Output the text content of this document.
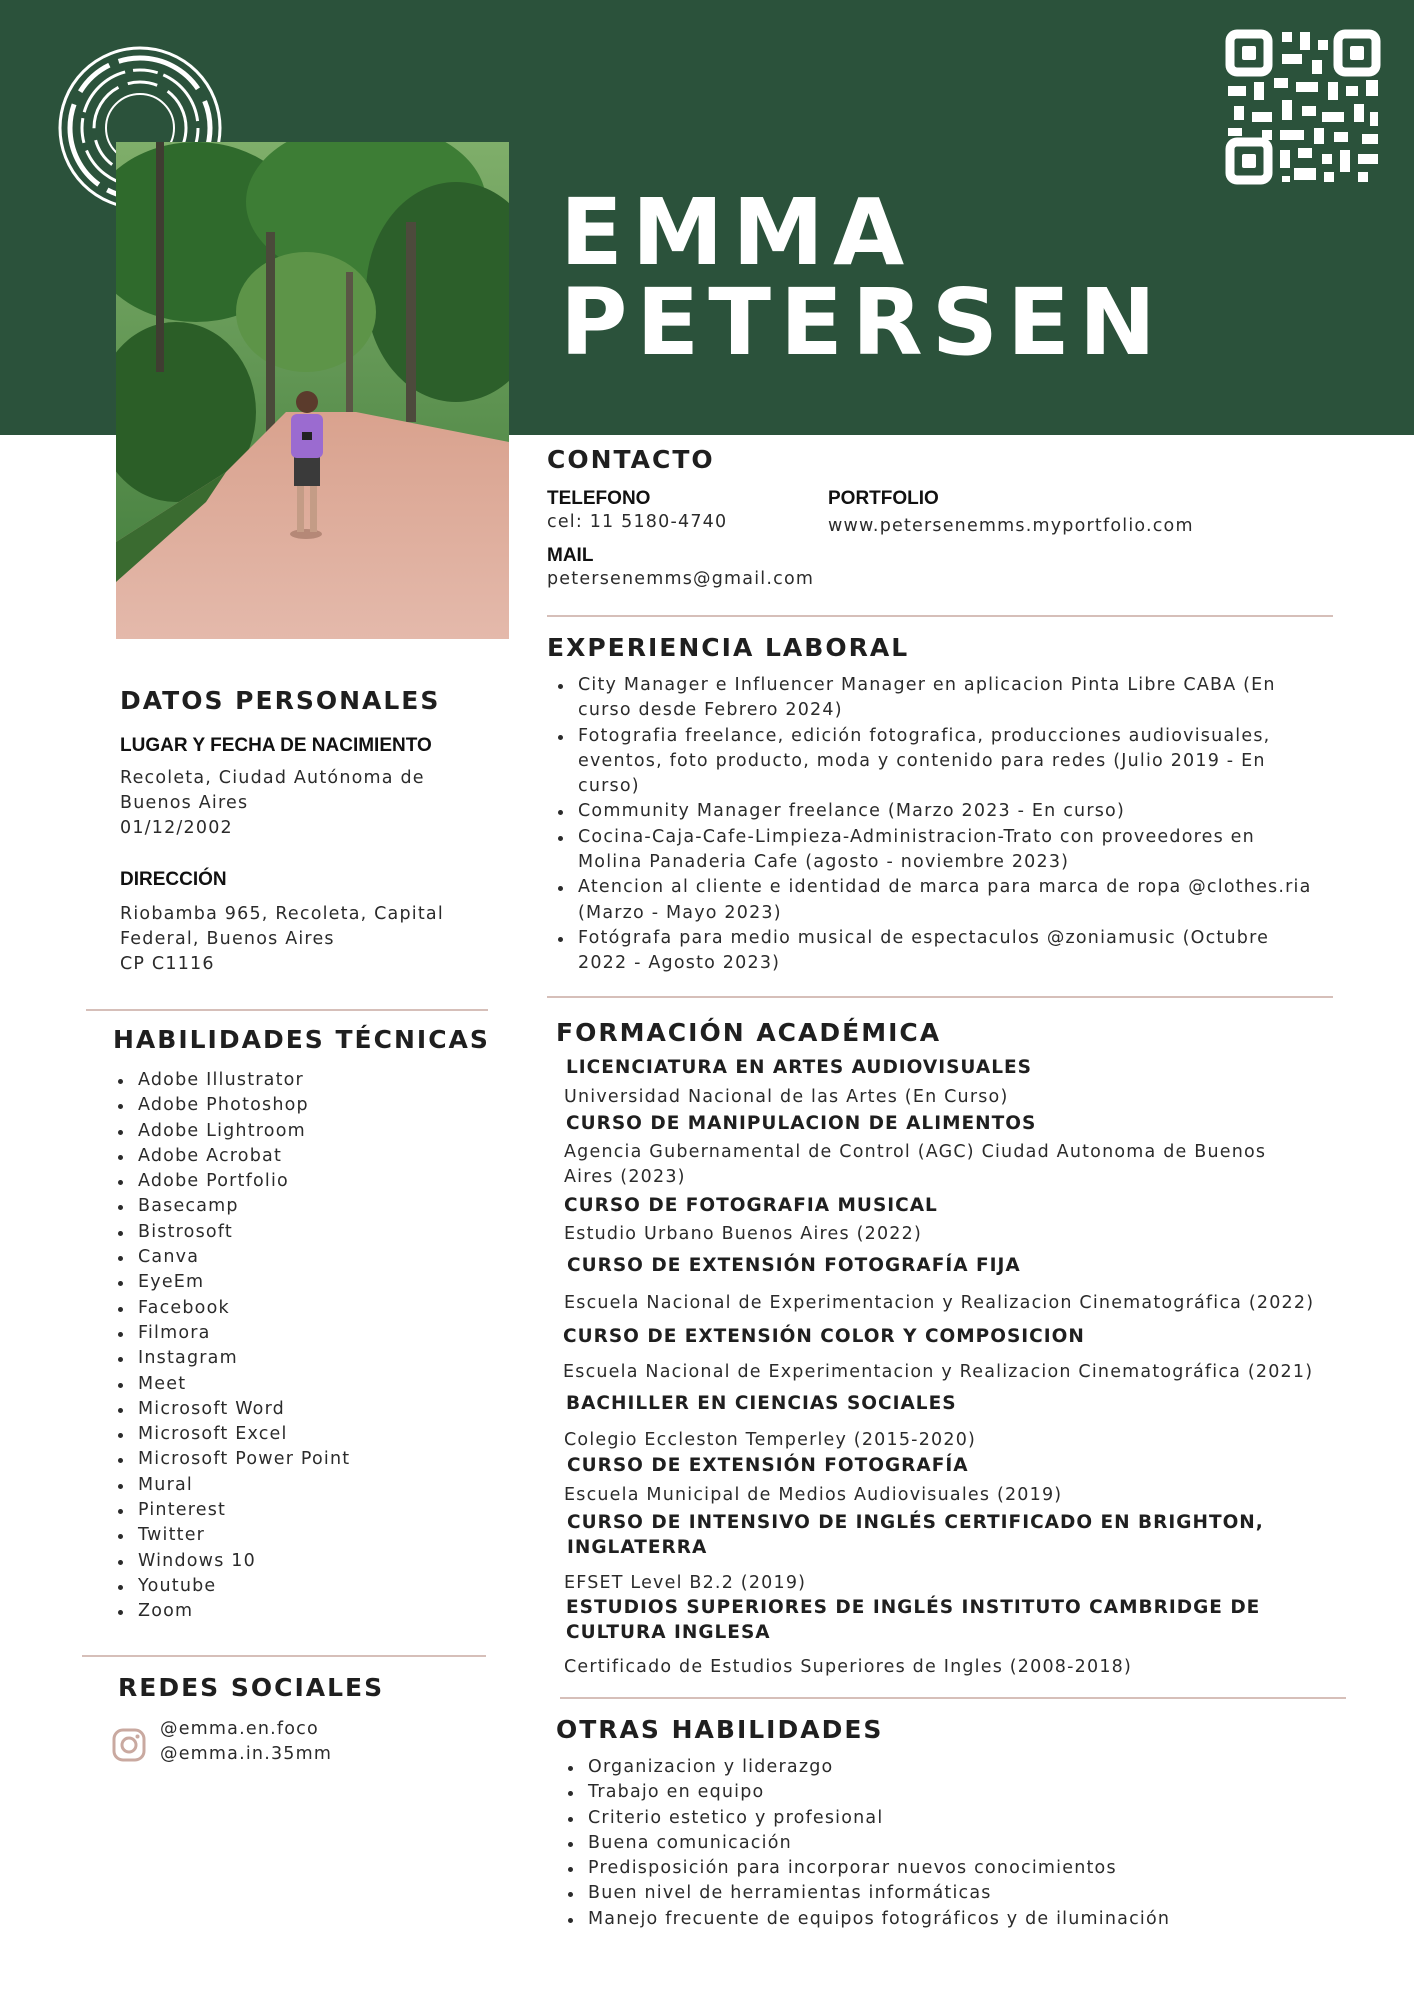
EMMA
PETERSEN
CONTACTO
TELEFONO
cel: 11 5180-4740
MAIL
petersenemms@gmail.com
PORTFOLIO
www.petersenemms.myportfolio.com
EXPERIENCIA LABORAL
City Manager e Influencer Manager en aplicacion Pinta Libre CABA (En
curso desde Febrero 2024)
Fotografia freelance, edición fotografica, producciones audiovisuales,
eventos, foto producto, moda y contenido para redes (Julio 2019 - En
curso)
Community Manager freelance (Marzo 2023 - En curso)
Cocina-Caja-Cafe-Limpieza-Administracion-Trato con proveedores en
Molina Panaderia Cafe (agosto - noviembre 2023)
Atencion al cliente e identidad de marca para marca de ropa @clothes.ria
(Marzo - Mayo 2023)
Fotógrafa para medio musical de espectaculos @zoniamusic (Octubre
2022 - Agosto 2023)
FORMACIÓN ACADÉMICA
LICENCIATURA EN ARTES AUDIOVISUALES
Universidad Nacional de las Artes (En Curso)
CURSO DE MANIPULACION DE ALIMENTOS
Agencia Gubernamental de Control (AGC) Ciudad Autonoma de Buenos
Aires (2023)
CURSO DE FOTOGRAFIA MUSICAL
Estudio Urbano Buenos Aires (2022)
CURSO DE EXTENSIÓN FOTOGRAFÍA FIJA
Escuela Nacional de Experimentacion y Realizacion Cinematográfica (2022)
CURSO DE EXTENSIÓN COLOR Y COMPOSICION
Escuela Nacional de Experimentacion y Realizacion Cinematográfica (2021)
BACHILLER EN CIENCIAS SOCIALES
Colegio Eccleston Temperley (2015-2020)
CURSO DE EXTENSIÓN FOTOGRAFÍA
Escuela Municipal de Medios Audiovisuales (2019)
CURSO DE INTENSIVO DE INGLÉS CERTIFICADO EN BRIGHTON,
INGLATERRA
EFSET Level B2.2 (2019)
ESTUDIOS SUPERIORES DE INGLÉS INSTITUTO CAMBRIDGE DE
CULTURA INGLESA
Certificado de Estudios Superiores de Ingles (2008-2018)
OTRAS HABILIDADES
Organizacion y liderazgo
Trabajo en equipo
Criterio estetico y profesional
Buena comunicación
Predisposición para incorporar nuevos conocimientos
Buen nivel de herramientas informáticas
Manejo frecuente de equipos fotográficos y de iluminación
DATOS PERSONALES
LUGAR Y FECHA DE NACIMIENTO
Recoleta, Ciudad Autónoma de
Buenos Aires
01/12/2002
DIRECCIÓN
Riobamba 965, Recoleta, Capital
Federal, Buenos Aires
CP C1116
HABILIDADES TÉCNICAS
Adobe Illustrator
Adobe Photoshop
Adobe Lightroom
Adobe Acrobat
Adobe Portfolio
Basecamp
Bistrosoft
Canva
EyeEm
Facebook
Filmora
Instagram
Meet
Microsoft Word
Microsoft Excel
Microsoft Power Point
Mural
Pinterest
Twitter
Windows 10
Youtube
Zoom
REDES SOCIALES
@emma.en.foco
@emma.in.35mm
